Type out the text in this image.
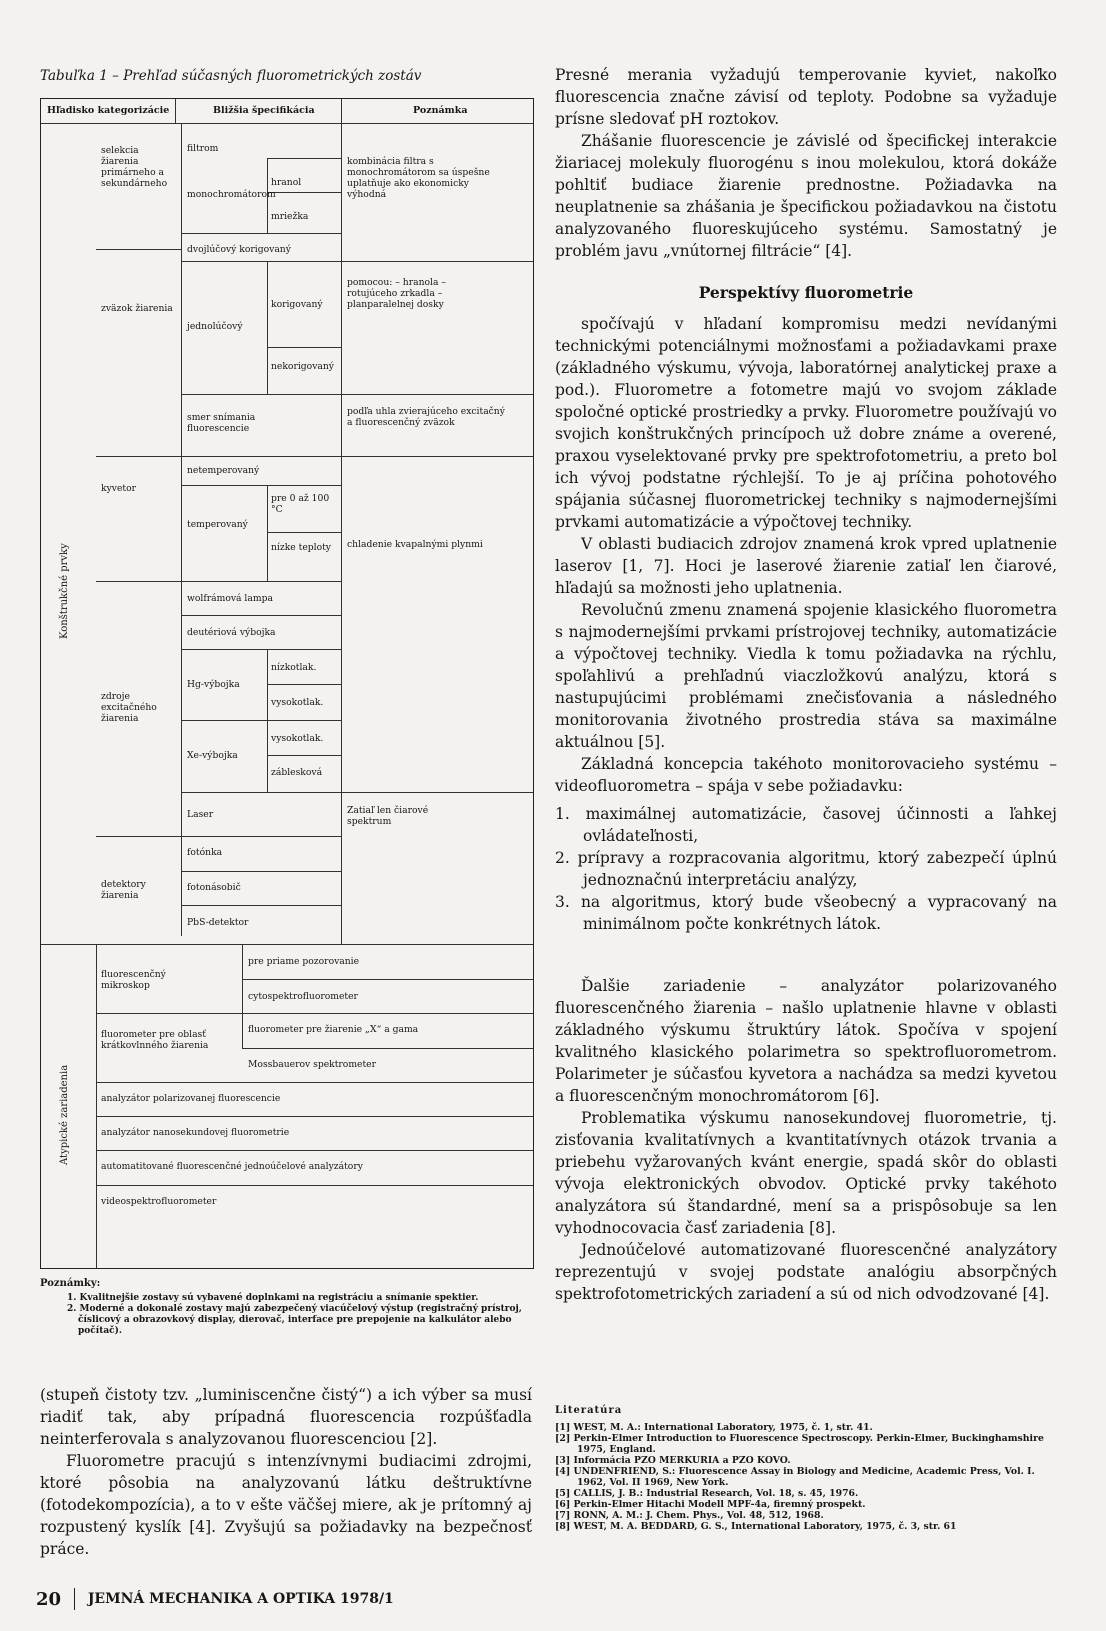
Tabuľka 1 – Prehľad súčasných fluorometrických zostáv
Hľadisko kategorizácie	Bližšia špecifikácia	Poznámka
Konštrukčné prvky
Atypické zariadenia
selekcia žiarenia primárneho a sekundárneho
zväzok žiarenia
kyvetor
zdroje excitačného žiarenia
detektory žiarenia
fluorescenčný mikroskop
fluorometer pre oblasť krátkovlnného žiarenia
filtrom
monochromátorom
hranol
mriežka
dvojlúčový korigovaný
jednolúčový
korigovaný
nekorigovaný
smer snímania fluorescencie
netemperovaný
temperovaný
pre 0 až 100 °C
nízke teploty
wolfrámová lampa
deutériová výbojka
Hg-výbojka
nízkotlak.
vysokotlak.
Xe-výbojka
vysokotlak.
záblesková
Laser
fotónka
fotonásobič
PbS-detektor
pre priame pozorovanie
cytospektrofluorometer
fluorometer pre žiarenie „X“ a gama
Mossbauerov spektrometer
analyzátor polarizovanej fluorescencie
analyzátor nanosekundovej fluorometrie
automatitované fluorescenčné jednoúčelové analyzátory
videospektrofluorometer
kombinácia filtra s monochromátorom sa úspešne uplatňuje ako ekonomicky výhodná
pomocou: – hranola – rotujúceho zrkadla – planparalelnej dosky
podľa uhla zvierajúceho excitačný a fluorescenčný zväzok
chladenie kvapalnými plynmi
Zatiaľ len čiarové spektrum
Poznámky:
1. Kvalitnejšie zostavy sú vybavené doplnkami na registráciu a snímanie spektier.
2. Moderné a dokonalé zostavy majú zabezpečený viacúčelový výstup (registračný prístroj, číslicový a obrazovkový display, dierovač, interface pre prepojenie na kalkulátor alebo počítač).
(stupeň čistoty tzv. „luminiscenčne čistý“) a ich výber sa musí riadiť tak, aby prípadná fluorescencia rozpúšťadla neinterferovala s analyzovanou fluorescenciou [2].
Fluorometre pracujú s intenzívnymi budiacimi zdrojmi, ktoré pôsobia na analyzovanú látku deštruktívne (fotodekompozícia), a to v ešte väčšej miere, ak je prítomný aj rozpustený kyslík [4]. Zvyšujú sa požiadavky na bezpečnosť práce.
Presné merania vyžadujú temperovanie kyviet, nakoľko fluorescencia značne závisí od teploty. Podobne sa vyžaduje prísne sledovať pH roztokov.
Zhášanie fluorescencie je závislé od špecifickej interakcie žiariacej molekuly fluorogénu s inou molekulou, ktorá dokáže pohltiť budiace žiarenie prednostne. Požiadavka na neuplatnenie sa zhášania je špecifickou požiadavkou na čistotu analyzovaného fluoreskujúceho systému. Samostatný je problém javu „vnútornej filtrácie“ [4].
Perspektívy fluorometrie
spočívajú v hľadaní kompromisu medzi nevídanými technickými potenciálnymi možnosťami a požiadavkami praxe (základného výskumu, vývoja, laboratórnej analytickej praxe a pod.). Fluorometre a fotometre majú vo svojom základe spoločné optické prostriedky a prvky. Fluorometre používajú vo svojich konštrukčných princípoch už dobre známe a overené, praxou vyselektované prvky pre spektrofotometriu, a preto bol ich vývoj podstatne rýchlejší. To je aj príčina pohotového spájania súčasnej fluorometrickej techniky s najmodernejšími prvkami automatizácie a výpočtovej techniky.
V oblasti budiacich zdrojov znamená krok vpred uplatnenie laserov [1, 7]. Hoci je laserové žiarenie zatiaľ len čiarové, hľadajú sa možnosti jeho uplatnenia.
Revolučnú zmenu znamená spojenie klasického fluorometra s najmodernejšími prvkami prístrojovej techniky, automatizácie a výpočtovej techniky. Viedla k tomu požiadavka na rýchlu, spoľahlivú a prehľadnú viaczložkovú analýzu, ktorá s nastupujúcimi problémami znečisťovania a následného monitorovania životného prostredia stáva sa maximálne aktuálnou [5].
Základná koncepcia takéhoto monitorovacieho systému – videofluorometra – spája v sebe požiadavku:
1. maximálnej automatizácie, časovej účinnosti a ľahkej ovládateľnosti,
2. prípravy a rozpracovania algoritmu, ktorý zabezpečí úplnú jednoznačnú interpretáciu analýzy,
3. na algoritmus, ktorý bude všeobecný a vypracovaný na minimálnom počte konkrétnych látok.
Ďalšie zariadenie – analyzátor polarizovaného fluorescenčného žiarenia – našlo uplatnenie hlavne v oblasti základného výskumu štruktúry látok. Spočíva v spojení kvalitného klasického polarimetra so spektrofluorometrom. Polarimeter je súčasťou kyvetora a nachádza sa medzi kyvetou a fluorescenčným monochromátorom [6].
Problematika výskumu nanosekundovej fluorometrie, tj. zisťovania kvalitatívnych a kvantitatívnych otázok trvania a priebehu vyžarovaných kvánt energie, spadá skôr do oblasti vývoja elektronických obvodov. Optické prvky takéhoto analyzátora sú štandardné, mení sa a prispôsobuje sa len vyhodnocovacia časť zariadenia [8].
Jednoúčelové automatizované fluorescenčné analyzátory reprezentujú v svojej podstate analógiu absorpčných spektrofotometrických zariadení a sú od nich odvodzované [4].
Literatúra
[1] WEST, M. A.: International Laboratory, 1975, č. 1, str. 41.
[2] Perkin-Elmer Introduction to Fluorescence Spectroscopy. Perkin-Elmer, Buckinghamshire 1975, England.
[3] Informácia PZO MERKURIA a PZO KOVO.
[4] UNDENFRIEND, S.: Fluorescence Assay in Biology and Medicine, Academic Press, Vol. I. 1962, Vol. II 1969, New York.
[5] CALLIS, J. B.: Industrial Research, Vol. 18, s. 45, 1976.
[6] Perkin-Elmer Hitachi Modell MPF-4a, firemný prospekt.
[7] RONN, A. M.: J. Chem. Phys., Vol. 48, 512, 1968.
[8] WEST, M. A. BEDDARD, G. S., International Laboratory, 1975, č. 3, str. 61
20 JEMNÁ MECHANIKA A OPTIKA 1978/1
